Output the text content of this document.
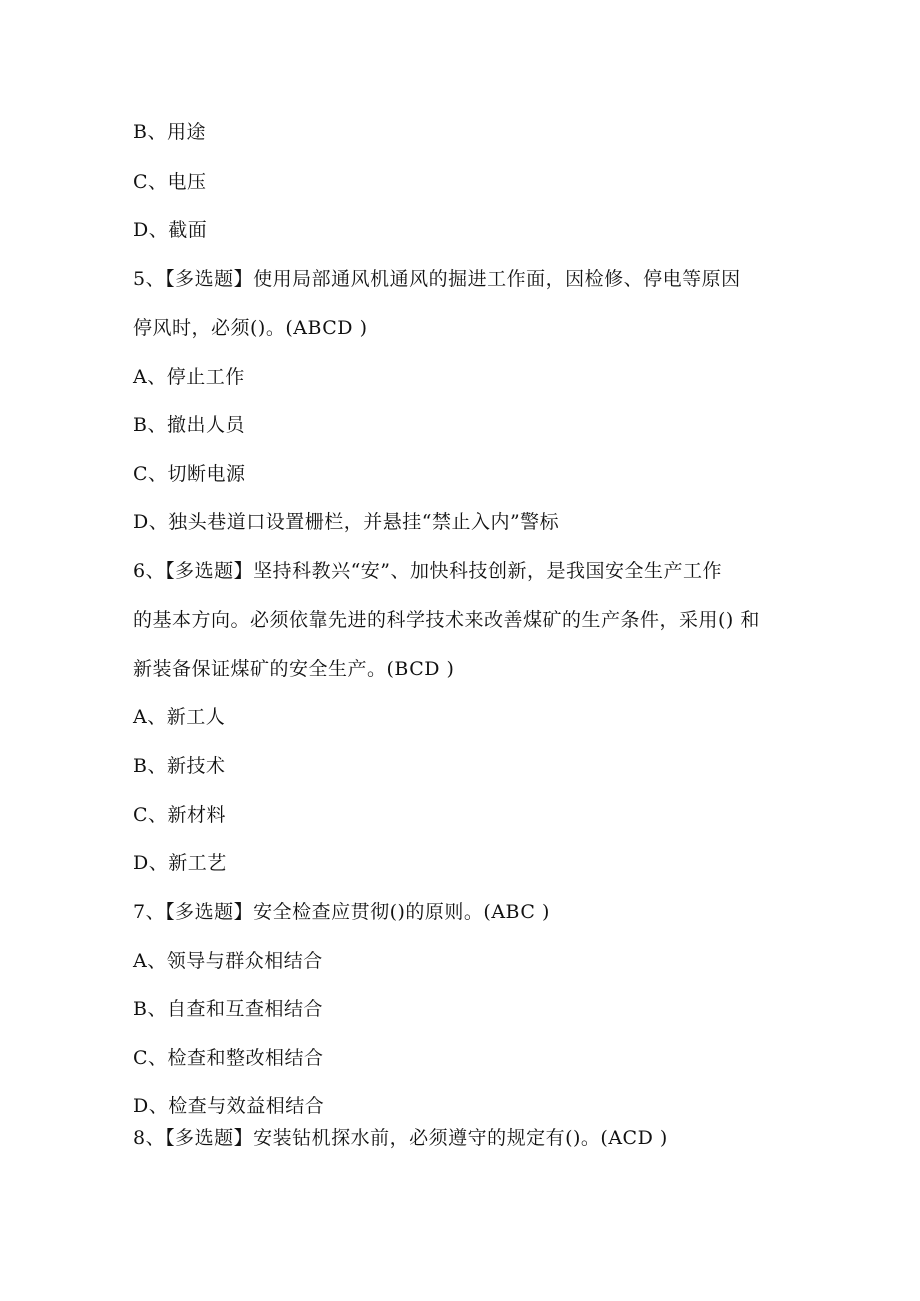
B、用途
C、电压
D、截面
5、【多选题】使用局部通风机通风的掘进工作面，因检修、停电等原因
停风时，必须()。(ABCD )
A、停止工作
B、撤出人员
C、切断电源
D、独头巷道口设置栅栏，并悬挂“禁止入内”警标
6、【多选题】坚持科教兴“安”、加快科技创新，是我国安全生产工作
的基本方向。必须依靠先进的科学技术来改善煤矿的生产条件，采用() 和
新装备保证煤矿的安全生产。(BCD )
A、新工人
B、新技术
C、新材料
D、新工艺
7、【多选题】安全检查应贯彻()的原则。(ABC )
A、领导与群众相结合
B、自查和互查相结合
C、检查和整改相结合
D、检查与效益相结合
8、【多选题】安装钻机探水前，必须遵守的规定有()。(ACD )
